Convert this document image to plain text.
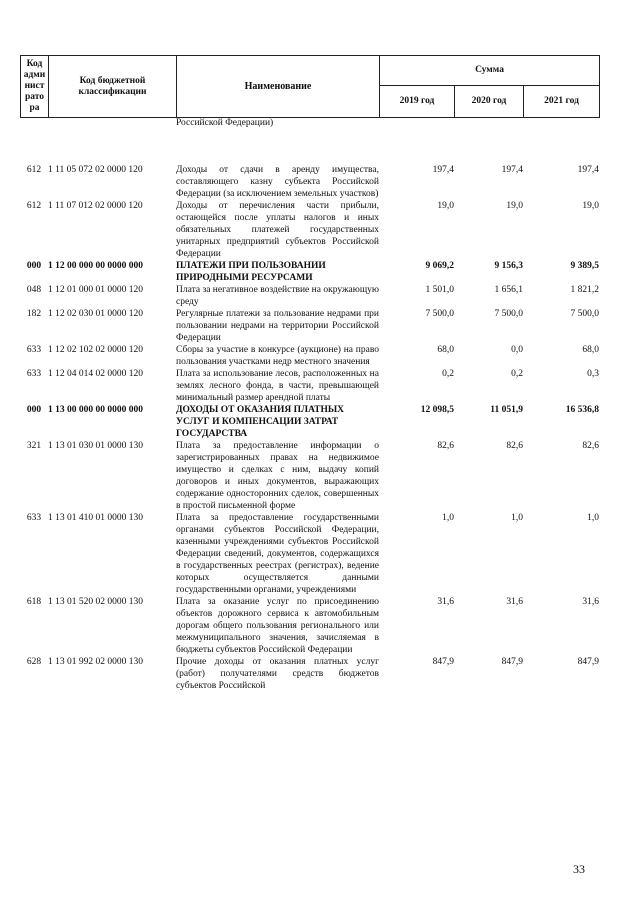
Код адми нист рато ра	Код бюджетной классификации	Наименование	Сумма		
			2019 год	2020 год	2021 год
		Российской Федерации)			
612	1 11 05 072 02 0000 120	Доходы от сдачи в аренду имущества, составляющего казну субъекта Российской Федерации (за исключением земельных участков)	197,4	197,4	197,4
612	1 11 07 012 02 0000 120	Доходы от перечисления части прибыли, остающейся после уплаты налогов и иных обязательных платежей государственных унитарных предприятий субъектов Российской Федерации	19,0	19,0	19,0
000	1 12 00 000 00 0000 000	ПЛАТЕЖИ ПРИ ПОЛЬЗОВАНИИ ПРИРОДНЫМИ РЕСУРСАМИ	9 069,2	9 156,3	9 389,5
048	1 12 01 000 01 0000 120	Плата за негативное воздействие на окружающую среду	1 501,0	1 656,1	1 821,2
182	1 12 02 030 01 0000 120	Регулярные платежи за пользование недрами при пользовании недрами на территории Российской Федерации	7 500,0	7 500,0	7 500,0
633	1 12 02 102 02 0000 120	Сборы за участие в конкурсе (аукционе) на право пользования участками недр местного значения	68,0	0,0	68,0
633	1 12 04 014 02 0000 120	Плата за использование лесов, расположенных на землях лесного фонда, в части, превышающей минимальный размер арендной платы	0,2	0,2	0,3
000	1 13 00 000 00 0000 000	ДОХОДЫ ОТ ОКАЗАНИЯ ПЛАТНЫХ УСЛУГ И КОМПЕНСАЦИИ ЗАТРАТ ГОСУДАРСТВА	12 098,5	11 051,9	16 536,8
321	1 13 01 030 01 0000 130	Плата за предоставление информации о зарегистрированных правах на недвижимое имущество и сделках с ним, выдачу копий договоров и иных документов, выражающих содержание односторонних сделок, совершенных в простой письменной форме	82,6	82,6	82,6
633	1 13 01 410 01 0000 130	Плата за предоставление государственными органами субъектов Российской Федерации, казенными учреждениями субъектов Российской Федерации сведений, документов, содержащихся в государственных реестрах (регистрах), ведение которых осуществляется данными государственными органами, учреждениями	1,0	1,0	1,0
618	1 13 01 520 02 0000 130	Плата за оказание услуг по присоединению объектов дорожного сервиса к автомобильным дорогам общего пользования регионального или межмуниципального значения, зачисляемая в бюджеты субъектов Российской Федерации	31,6	31,6	31,6
628	1 13 01 992 02 0000 130	Прочие доходы от оказания платных услуг (работ) получателями средств бюджетов субъектов Российской	847,9	847,9	847,9
33
